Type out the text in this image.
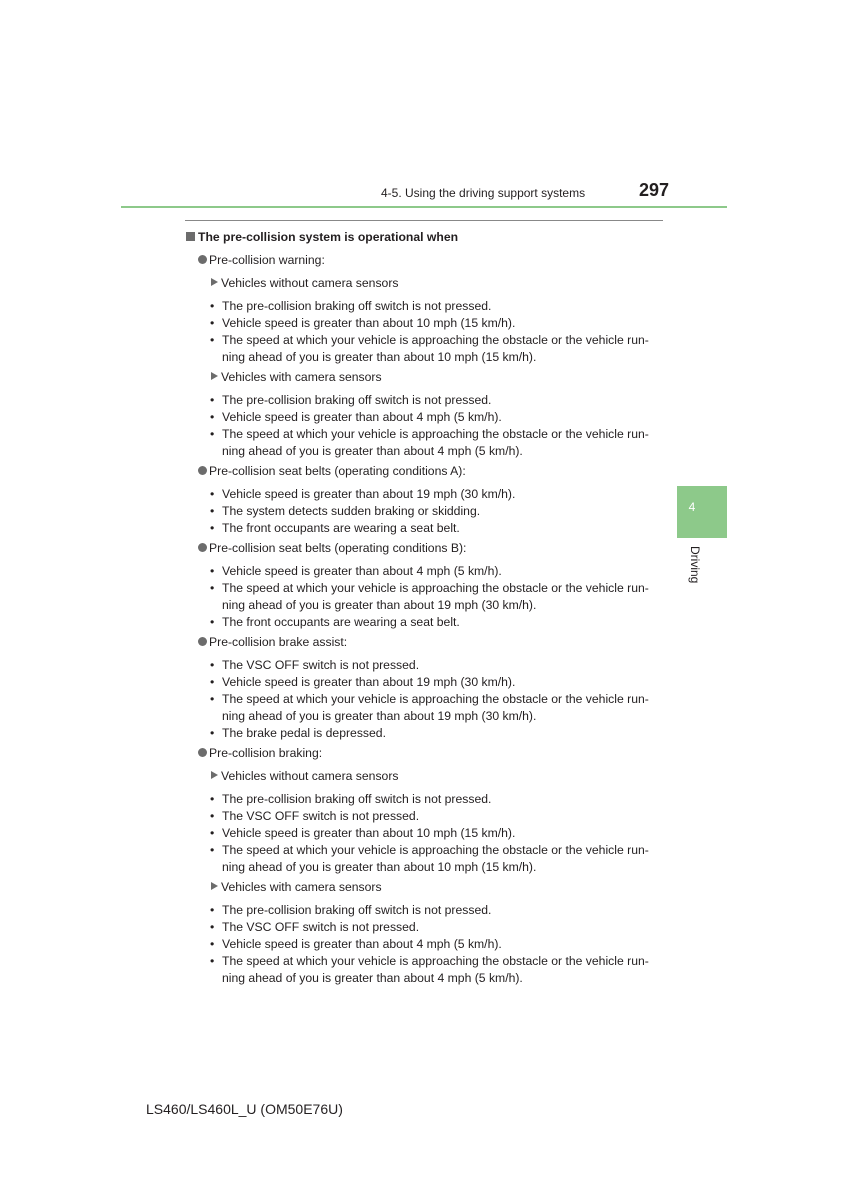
4-5. Using the driving support systems	297
4
Driving
The pre-collision system is operational when
Pre-collision warning:
Vehicles without camera sensors
• The pre-collision braking off switch is not pressed.
• Vehicle speed is greater than about 10 mph (15 km/h).
• The speed at which your vehicle is approaching the obstacle or the vehicle run-
ning ahead of you is greater than about 10 mph (15 km/h).
Vehicles with camera sensors
• The pre-collision braking off switch is not pressed.
• Vehicle speed is greater than about 4 mph (5 km/h).
• The speed at which your vehicle is approaching the obstacle or the vehicle run-
ning ahead of you is greater than about 4 mph (5 km/h).
Pre-collision seat belts (operating conditions A):
• Vehicle speed is greater than about 19 mph (30 km/h).
• The system detects sudden braking or skidding.
• The front occupants are wearing a seat belt.
Pre-collision seat belts (operating conditions B):
• Vehicle speed is greater than about 4 mph (5 km/h).
• The speed at which your vehicle is approaching the obstacle or the vehicle run-
ning ahead of you is greater than about 19 mph (30 km/h).
• The front occupants are wearing a seat belt.
Pre-collision brake assist:
• The VSC OFF switch is not pressed.
• Vehicle speed is greater than about 19 mph (30 km/h).
• The speed at which your vehicle is approaching the obstacle or the vehicle run-
ning ahead of you is greater than about 19 mph (30 km/h).
• The brake pedal is depressed.
Pre-collision braking:
Vehicles without camera sensors
• The pre-collision braking off switch is not pressed.
• The VSC OFF switch is not pressed.
• Vehicle speed is greater than about 10 mph (15 km/h).
• The speed at which your vehicle is approaching the obstacle or the vehicle run-
ning ahead of you is greater than about 10 mph (15 km/h).
Vehicles with camera sensors
• The pre-collision braking off switch is not pressed.
• The VSC OFF switch is not pressed.
• Vehicle speed is greater than about 4 mph (5 km/h).
• The speed at which your vehicle is approaching the obstacle or the vehicle run-
ning ahead of you is greater than about 4 mph (5 km/h).
LS460/LS460L_U (OM50E76U)
